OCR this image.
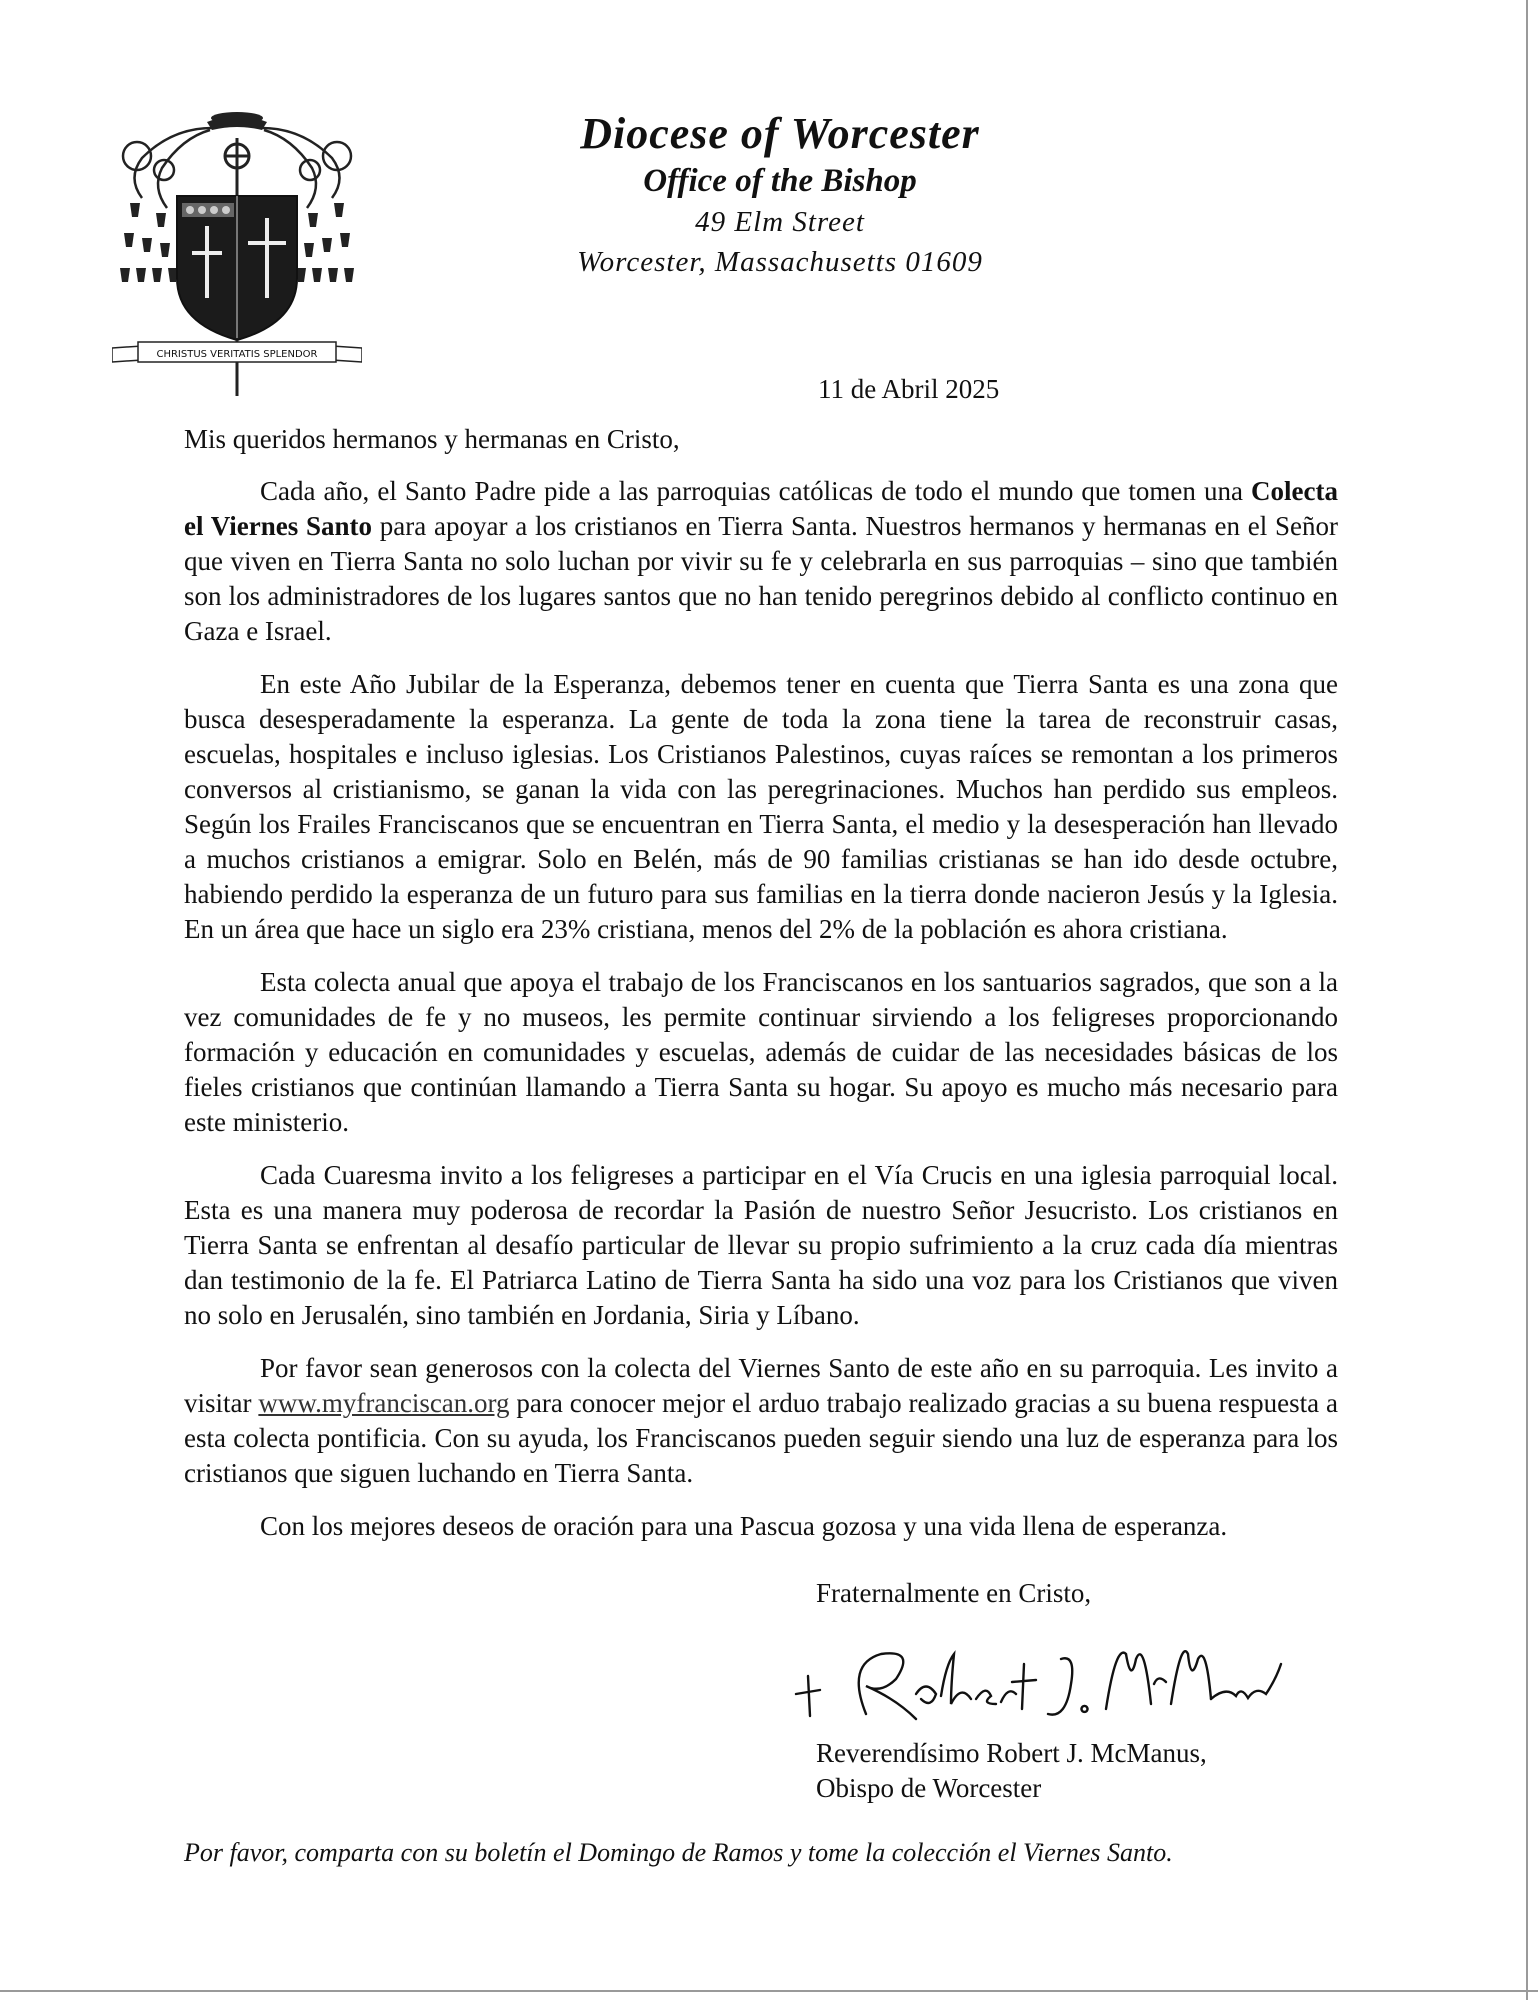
CHRISTUS VERITATIS SPLENDOR
Diocese of Worcester
Office of the Bishop
49 Elm Street
Worcester, Massachusetts 01609
11 de Abril 2025
Mis queridos hermanos y hermanas en Cristo,

Cada año, el Santo Padre pide a las parroquias católicas de todo el mundo que tomen una Colecta el Viernes Santo para apoyar a los cristianos en Tierra Santa. Nuestros hermanos y hermanas en el Señor que viven en Tierra Santa no solo luchan por vivir su fe y celebrarla en sus parroquias – sino que también son los administradores de los lugares santos que no han tenido peregrinos debido al conflicto continuo en Gaza e Israel.

En este Año Jubilar de la Esperanza, debemos tener en cuenta que Tierra Santa es una zona que busca desesperadamente la esperanza. La gente de toda la zona tiene la tarea de reconstruir casas, escuelas, hospitales e incluso iglesias. Los Cristianos Palestinos, cuyas raíces se remontan a los primeros conversos al cristianismo, se ganan la vida con las peregrinaciones. Muchos han perdido sus empleos. Según los Frailes Franciscanos que se encuentran en Tierra Santa, el medio y la desesperación han llevado a muchos cristianos a emigrar. Solo en Belén, más de 90 familias cristianas se han ido desde octubre, habiendo perdido la esperanza de un futuro para sus familias en la tierra donde nacieron Jesús y la Iglesia. En un área que hace un siglo era 23% cristiana, menos del 2% de la población es ahora cristiana.

Esta colecta anual que apoya el trabajo de los Franciscanos en los santuarios sagrados, que son a la vez comunidades de fe y no museos, les permite continuar sirviendo a los feligreses proporcionando formación y educación en comunidades y escuelas, además de cuidar de las necesidades básicas de los fieles cristianos que continúan llamando a Tierra Santa su hogar. Su apoyo es mucho más necesario para este ministerio.

Cada Cuaresma invito a los feligreses a participar en el Vía Crucis en una iglesia parroquial local. Esta es una manera muy poderosa de recordar la Pasión de nuestro Señor Jesucristo. Los cristianos en Tierra Santa se enfrentan al desafío particular de llevar su propio sufrimiento a la cruz cada día mientras dan testimonio de la fe. El Patriarca Latino de Tierra Santa ha sido una voz para los Cristianos que viven no solo en Jerusalén, sino también en Jordania, Siria y Líbano.

Por favor sean generosos con la colecta del Viernes Santo de este año en su parroquia. Les invito a visitar www.myfranciscan.org para conocer mejor el arduo trabajo realizado gracias a su buena respuesta a esta colecta pontificia. Con su ayuda, los Franciscanos pueden seguir siendo una luz de esperanza para los cristianos que siguen luchando en Tierra Santa.

Con los mejores deseos de oración para una Pascua gozosa y una vida llena de esperanza.

Fraternalmente en Cristo,
Reverendísimo Robert J. McManus,
Obispo de Worcester
Por favor, comparta con su boletín el Domingo de Ramos y tome la colección el Viernes Santo.
